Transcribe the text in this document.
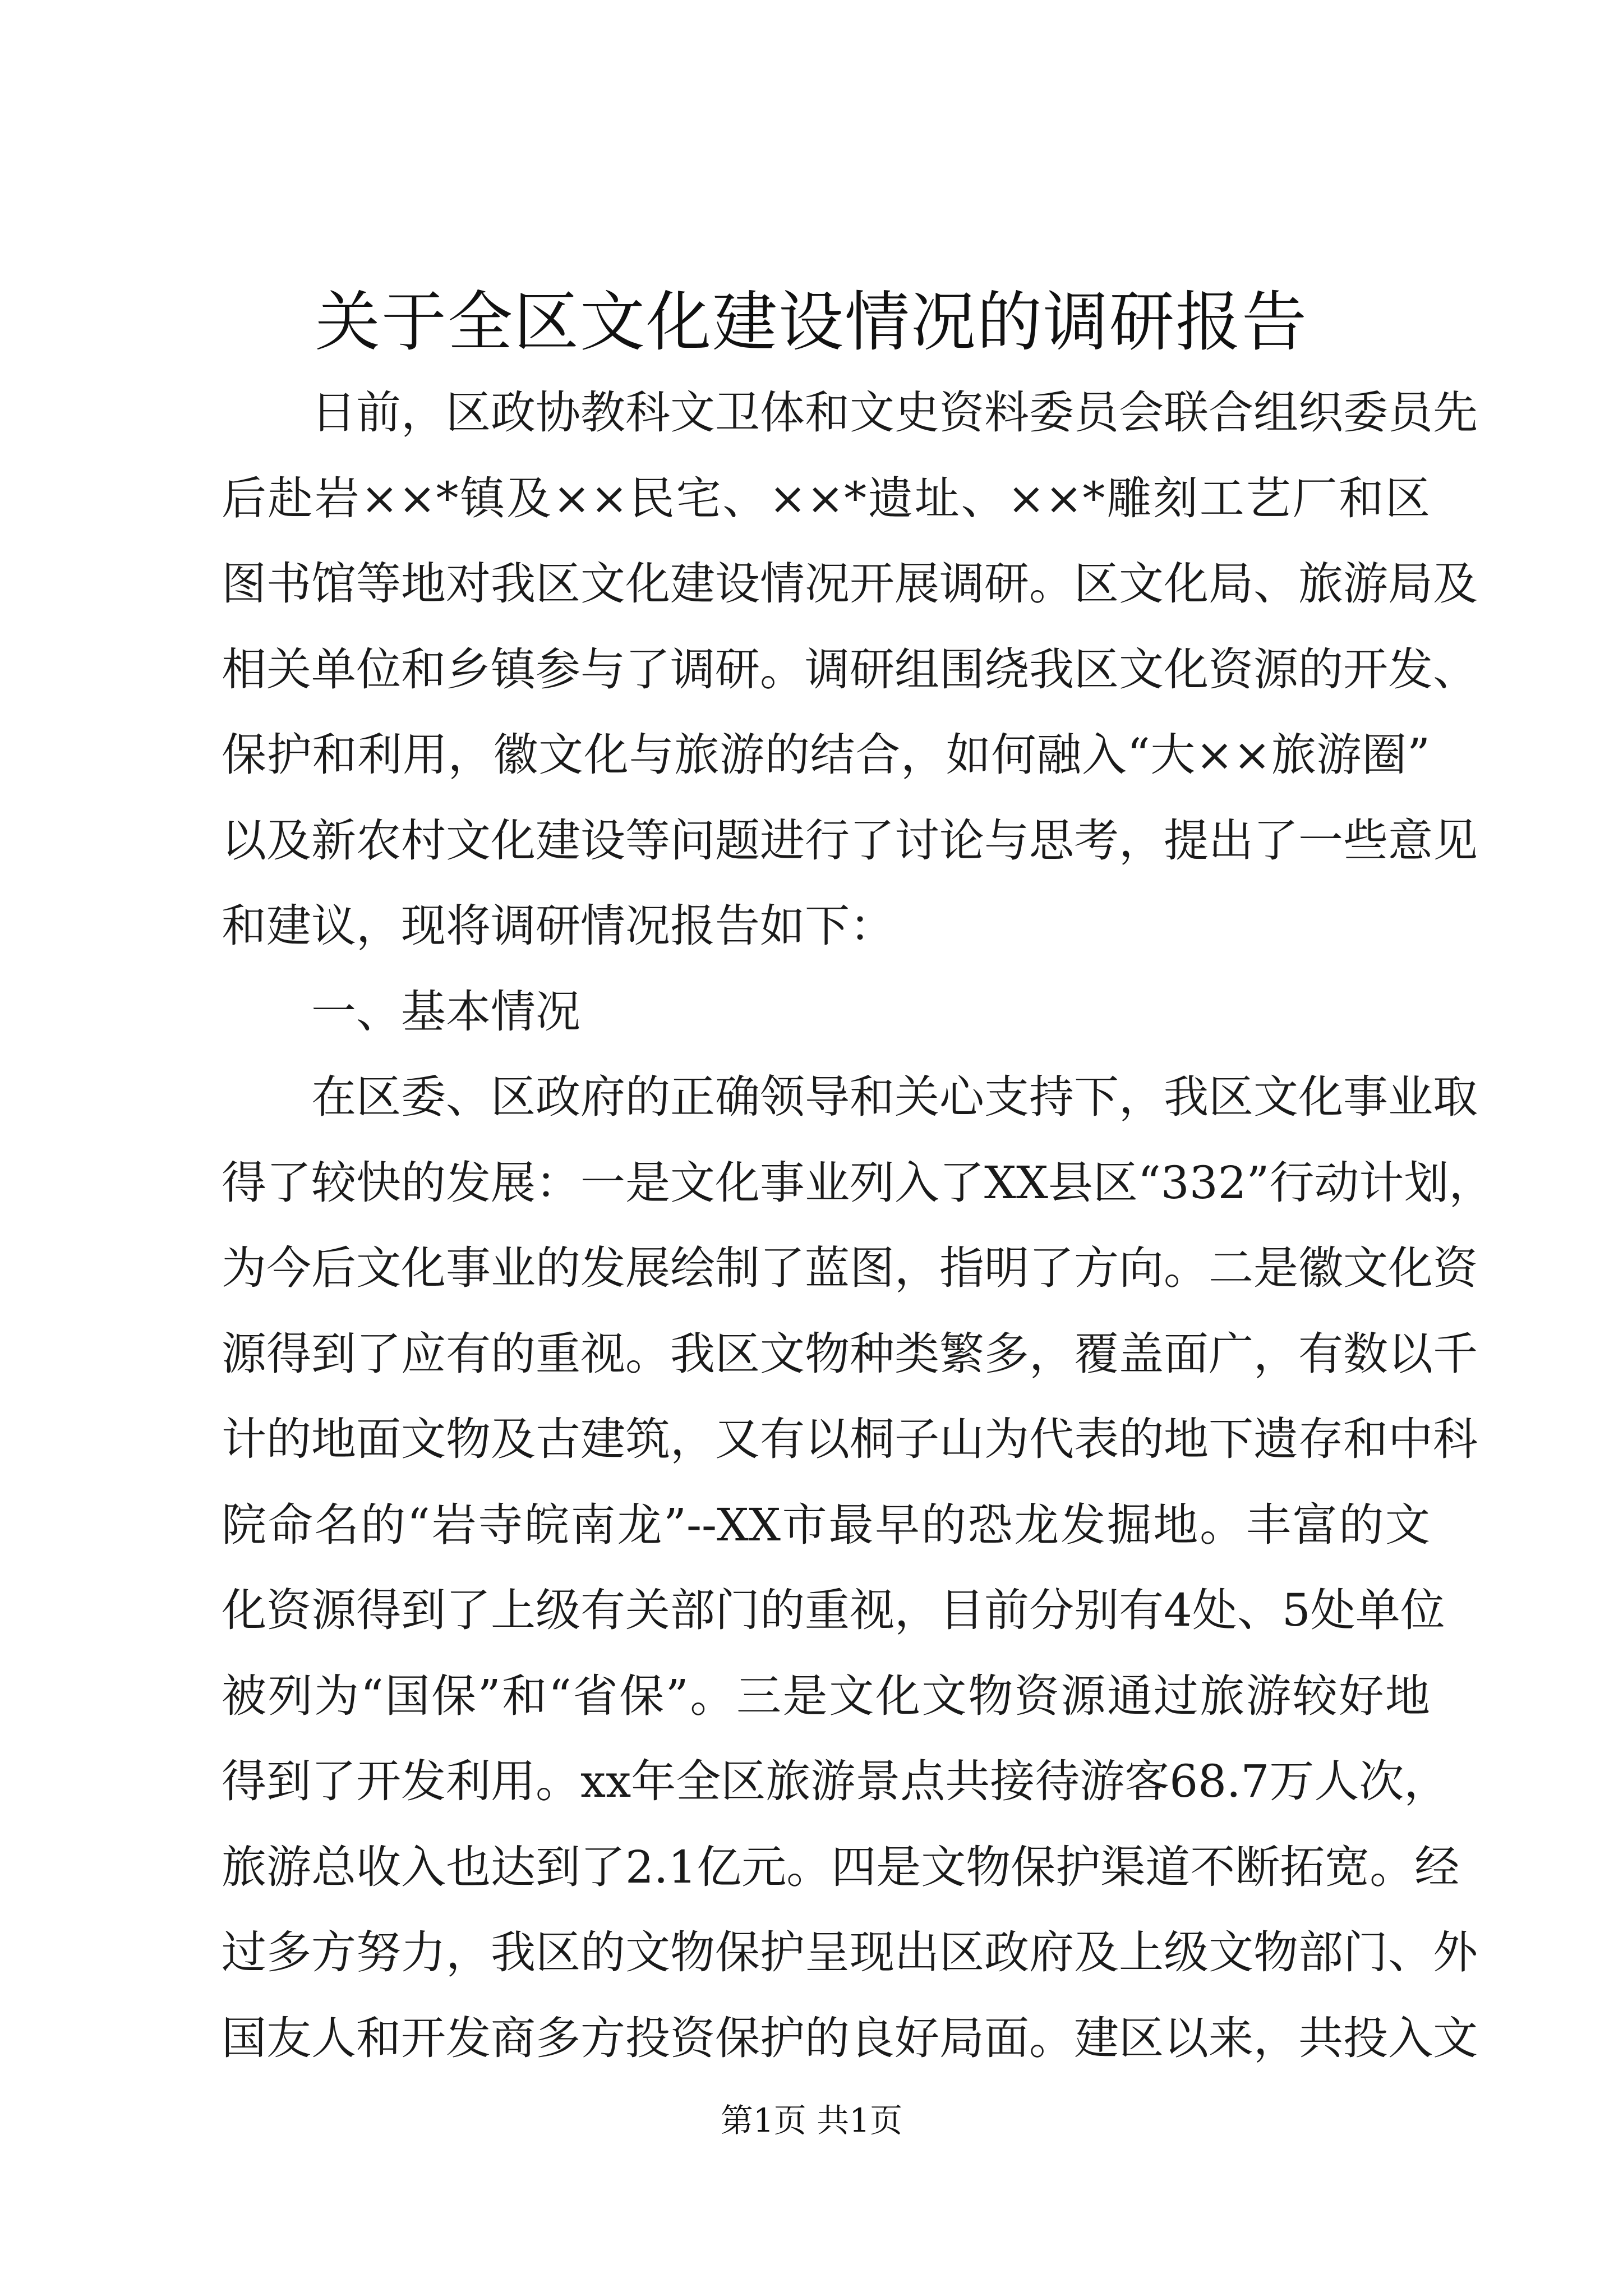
关于全区文化建设情况的调研报告
日前，区政协教科文卫体和文史资料委员会联合组织委员先
后赴岩××*镇及××民宅、××*遗址、××*雕刻工艺厂和区
图书馆等地对我区文化建设情况开展调研。区文化局、旅游局及
相关单位和乡镇参与了调研。调研组围绕我区文化资源的开发、
保护和利用，徽文化与旅游的结合，如何融入“大××旅游圈”
以及新农村文化建设等问题进行了讨论与思考，提出了一些意见
和建议，现将调研情况报告如下：
一、基本情况
在区委、区政府的正确领导和关心支持下，我区文化事业取
得了较快的发展：一是文化事业列入了XX县区“332”行动计划，
为今后文化事业的发展绘制了蓝图，指明了方向。二是徽文化资
源得到了应有的重视。我区文物种类繁多，覆盖面广，有数以千
计的地面文物及古建筑，又有以桐子山为代表的地下遗存和中科
院命名的“岩寺皖南龙”--XX市最早的恐龙发掘地。丰富的文
化资源得到了上级有关部门的重视，目前分别有4处、5处单位
被列为“国保”和“省保”。三是文化文物资源通过旅游较好地
得到了开发利用。xx年全区旅游景点共接待游客68.7万人次，
旅游总收入也达到了2.1亿元。四是文物保护渠道不断拓宽。经
过多方努力，我区的文物保护呈现出区政府及上级文物部门、外
国友人和开发商多方投资保护的良好局面。建区以来，共投入文
第1页 共1页
